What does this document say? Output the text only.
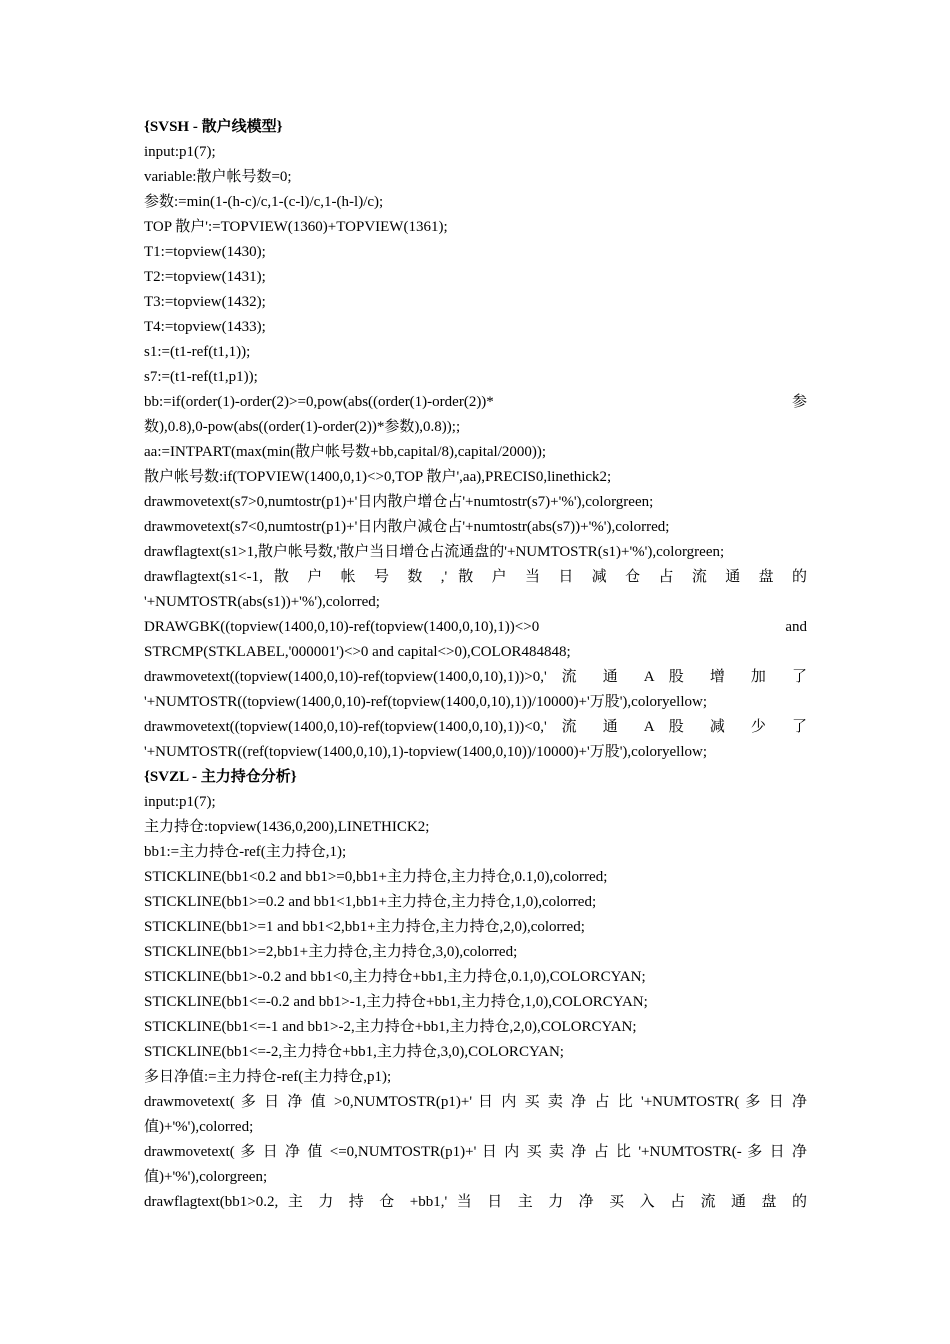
{SVSH - 散户线模型}
input:p1(7);
variable:散户帐号数=0;
参数:=min(1-(h-c)/c,1-(c-l)/c,1-(h-l)/c);
TOP 散户':=TOPVIEW(1360)+TOPVIEW(1361);
T1:=topview(1430);
T2:=topview(1431);
T3:=topview(1432);
T4:=topview(1433);
s1:=(t1-ref(t1,1));
s7:=(t1-ref(t1,p1));
bb:=if(order(1)-order(2)>=0,pow(abs((order(1)-order(2))* 参
数),0.8),0-pow(abs((order(1)-order(2))*参数),0.8));;
aa:=INTPART(max(min(散户帐号数+bb,capital/8),capital/2000));
散户帐号数:if(TOPVIEW(1400,0,1)<>0,TOP 散户',aa),PRECIS0,linethick2;
drawmovetext(s7>0,numtostr(p1)+'日内散户增仓占'+numtostr(s7)+'%'),colorgreen;
drawmovetext(s7<0,numtostr(p1)+'日内散户减仓占'+numtostr(abs(s7))+'%'),colorred;
drawflagtext(s1>1,散户帐号数,'散户当日增仓占流通盘的'+NUMTOSTR(s1)+'%'),colorgreen;
drawflagtext(s1<-1, 散 户 帐 号 数 ,' 散 户 当 日 减 仓 占 流 通 盘 的
'+NUMTOSTR(abs(s1))+'%'),colorred;
DRAWGBK((topview(1400,0,10)-ref(topview(1400,0,10),1))<>0 and
STRCMP(STKLABEL,'000001')<>0 and capital<>0),COLOR484848;
drawmovetext((topview(1400,0,10)-ref(topview(1400,0,10),1))>0,' 流 通 A 股 增 加 了
'+NUMTOSTR((topview(1400,0,10)-ref(topview(1400,0,10),1))/10000)+'万股'),coloryellow;
drawmovetext((topview(1400,0,10)-ref(topview(1400,0,10),1))<0,' 流 通 A 股 减 少 了
'+NUMTOSTR((ref(topview(1400,0,10),1)-topview(1400,0,10))/10000)+'万股'),coloryellow;
{SVZL - 主力持仓分析}
input:p1(7);
主力持仓:topview(1436,0,200),LINETHICK2;
bb1:=主力持仓-ref(主力持仓,1);
STICKLINE(bb1<0.2 and bb1>=0,bb1+主力持仓,主力持仓,0.1,0),colorred;
STICKLINE(bb1>=0.2 and bb1<1,bb1+主力持仓,主力持仓,1,0),colorred;
STICKLINE(bb1>=1 and bb1<2,bb1+主力持仓,主力持仓,2,0),colorred;
STICKLINE(bb1>=2,bb1+主力持仓,主力持仓,3,0),colorred;
STICKLINE(bb1>-0.2 and bb1<0,主力持仓+bb1,主力持仓,0.1,0),COLORCYAN;
STICKLINE(bb1<=-0.2 and bb1>-1,主力持仓+bb1,主力持仓,1,0),COLORCYAN;
STICKLINE(bb1<=-1 and bb1>-2,主力持仓+bb1,主力持仓,2,0),COLORCYAN;
STICKLINE(bb1<=-2,主力持仓+bb1,主力持仓,3,0),COLORCYAN;
多日净值:=主力持仓-ref(主力持仓,p1);
drawmovetext( 多 日 净 值 >0,NUMTOSTR(p1)+' 日 内 买 卖 净 占 比 '+NUMTOSTR( 多 日 净
值)+'%'),colorred;
drawmovetext( 多 日 净 值 <=0,NUMTOSTR(p1)+' 日 内 买 卖 净 占 比 '+NUMTOSTR(- 多 日 净
值)+'%'),colorgreen;
drawflagtext(bb1>0.2, 主 力 持 仓 +bb1,' 当 日 主 力 净 买 入 占 流 通 盘 的
